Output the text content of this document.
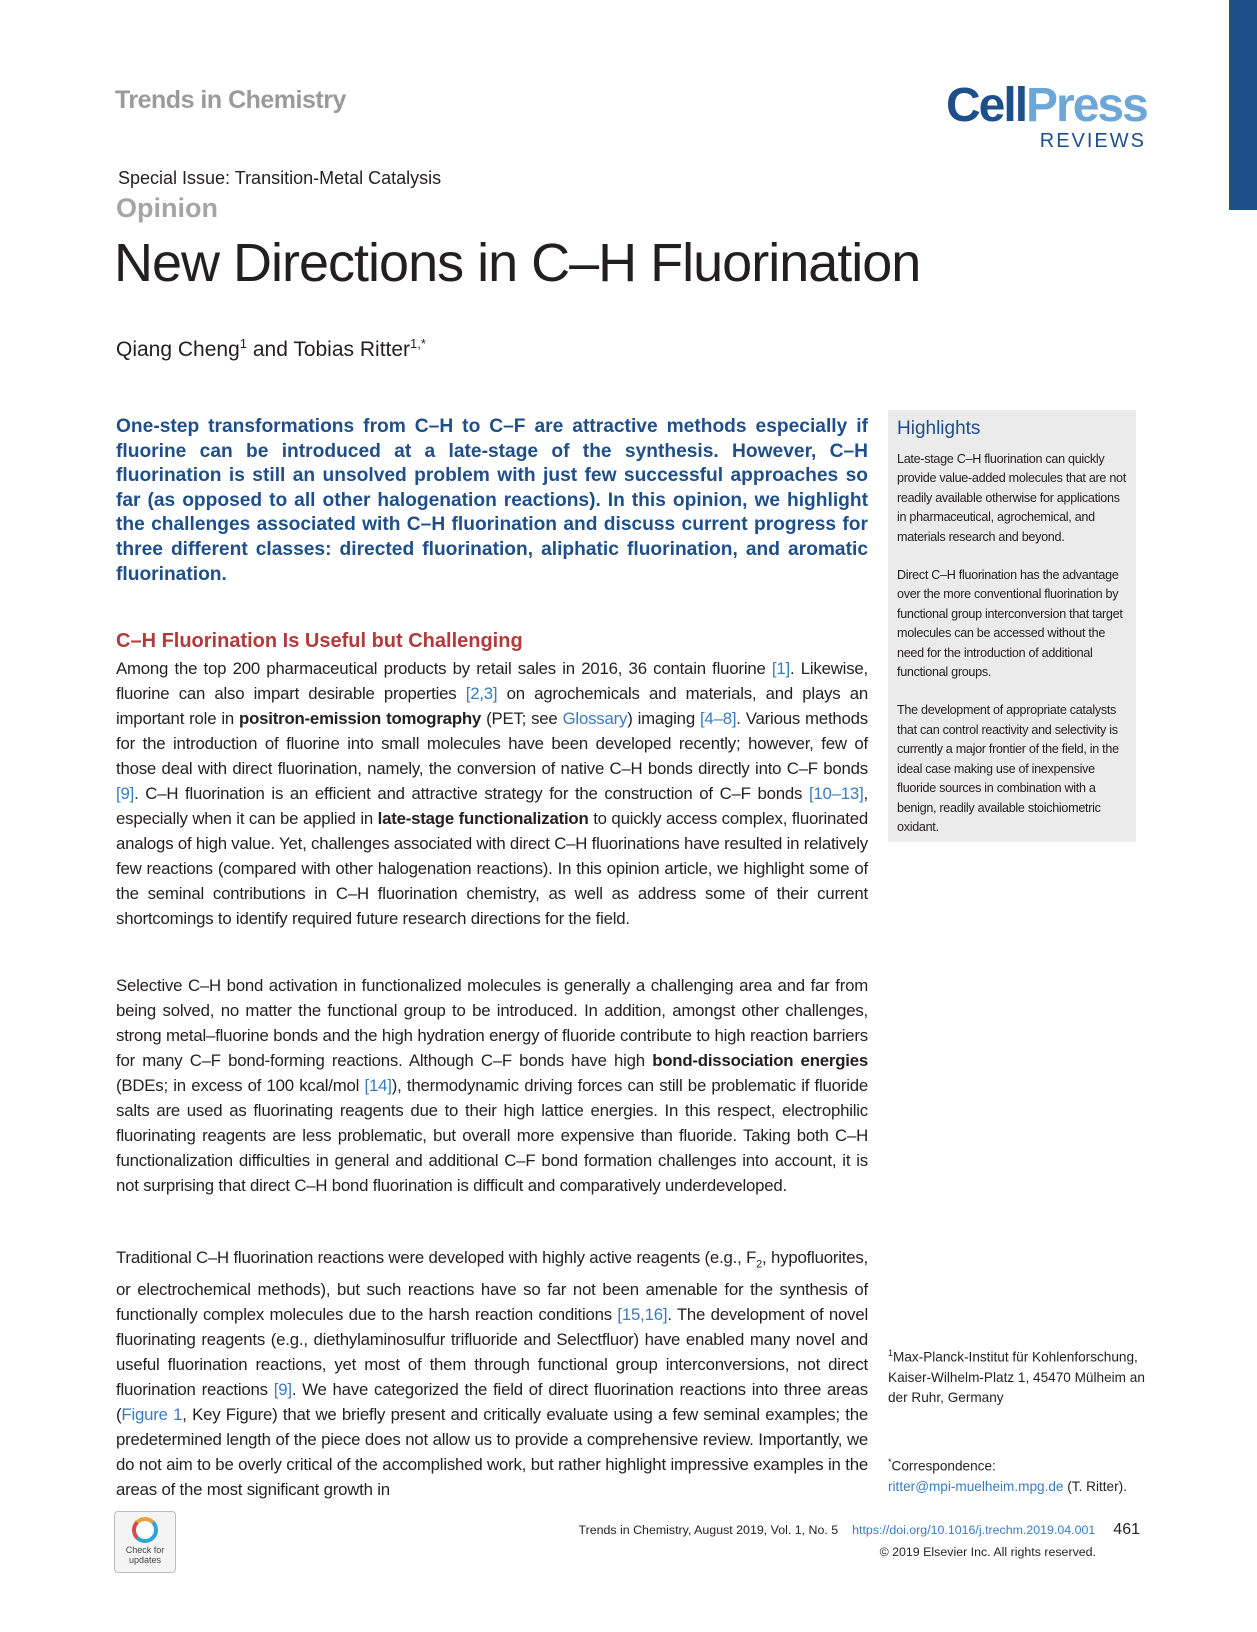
Trends in Chemistry	CellPress
REVIEWS
Special Issue: Transition-Metal Catalysis
Opinion
New Directions in C–H Fluorination
Qiang Cheng$^1$ and Tobias Ritter$^{1,*}$

One-step transformations from C–H to C–F are attractive methods especially if fluorine can be introduced at a late-stage of the synthesis. However, C–H fluorination is still an unsolved problem with just few successful approaches so far (as opposed to all other halogenation reactions). In this opinion, we highlight the challenges associated with C–H fluorination and discuss current progress for three different classes: directed fluorination, aliphatic fluorination, and aromatic fluorination.

C–H Fluorination Is Useful but Challenging

Among the top 200 pharmaceutical products by retail sales in 2016, 36 contain fluorine [1]. Likewise, fluorine can also impart desirable properties [2,3] on agrochemicals and materials, and plays an important role in positron-emission tomography (PET; see Glossary) imaging [4–8]. Various methods for the introduction of fluorine into small molecules have been developed recently; however, few of those deal with direct fluorination, namely, the conversion of native C–H bonds directly into C–F bonds [9]. C–H fluorination is an efficient and attractive strategy for the construction of C–F bonds [10–13], especially when it can be applied in late-stage functionalization to quickly access complex, fluorinated analogs of high value. Yet, challenges associated with direct C–H fluorinations have resulted in relatively few reactions (compared with other halogenation reactions). In this opinion article, we highlight some of the seminal contributions in C–H fluorination chemistry, as well as address some of their current shortcomings to identify required future research directions for the field.

Selective C–H bond activation in functionalized molecules is generally a challenging area and far from being solved, no matter the functional group to be introduced. In addition, amongst other challenges, strong metal–fluorine bonds and the high hydration energy of fluoride contribute to high reaction barriers for many C–F bond-forming reactions. Although C–F bonds have high bond-dissociation energies (BDEs; in excess of 100 kcal/mol [14]), thermodynamic driving forces can still be problematic if fluoride salts are used as fluorinating reagents due to their high lattice energies. In this respect, electrophilic fluorinating reagents are less problematic, but overall more expensive than fluoride. Taking both C–H functionalization difficulties in general and additional C–F bond formation challenges into account, it is not surprising that direct C–H bond fluorination is difficult and comparatively underdeveloped.

Traditional C–H fluorination reactions were developed with highly active reagents (e.g., $F_2$, hypofluorites, or electrochemical methods), but such reactions have so far not been amenable for the synthesis of functionally complex molecules due to the harsh reaction conditions [15,16]. The development of novel fluorinating reagents (e.g., diethylaminosulfur trifluoride and Selectfluor) have enabled many novel and useful fluorination reactions, yet most of them through functional group interconversions, not direct fluorination reactions [9]. We have categorized the field of direct fluorination reactions into three areas (Figure 1, Key Figure) that we briefly present and critically evaluate using a few seminal examples; the predetermined length of the piece does not allow us to provide a comprehensive review. Importantly, we do not aim to be overly critical of the accomplished work, but rather highlight impressive examples in the areas of the most significant growth in

Highlights

Late-stage C–H fluorination can quickly provide value-added molecules that are not readily available otherwise for applications in pharmaceutical, agrochemical, and materials research and beyond.

Direct C–H fluorination has the advantage over the more conventional fluorination by functional group interconversion that target molecules can be accessed without the need for the introduction of additional functional groups.

The development of appropriate catalysts that can control reactivity and selectivity is currently a major frontier of the field, in the ideal case making use of inexpensive fluoride sources in combination with a benign, readily available stoichiometric oxidant.

$^1$Max-Planck-Institut für Kohlenforschung, Kaiser-Wilhelm-Platz 1, 45470 Mülheim an der Ruhr, Germany
*Correspondence:
ritter@mpi-muelheim.mpg.de (T. Ritter).
Check for
updates
Trends in Chemistry, August 2019, Vol. 1, No. 5 https://doi.org/10.1016/j.trechm.2019.04.001 461
© 2019 Elsevier Inc. All rights reserved.
